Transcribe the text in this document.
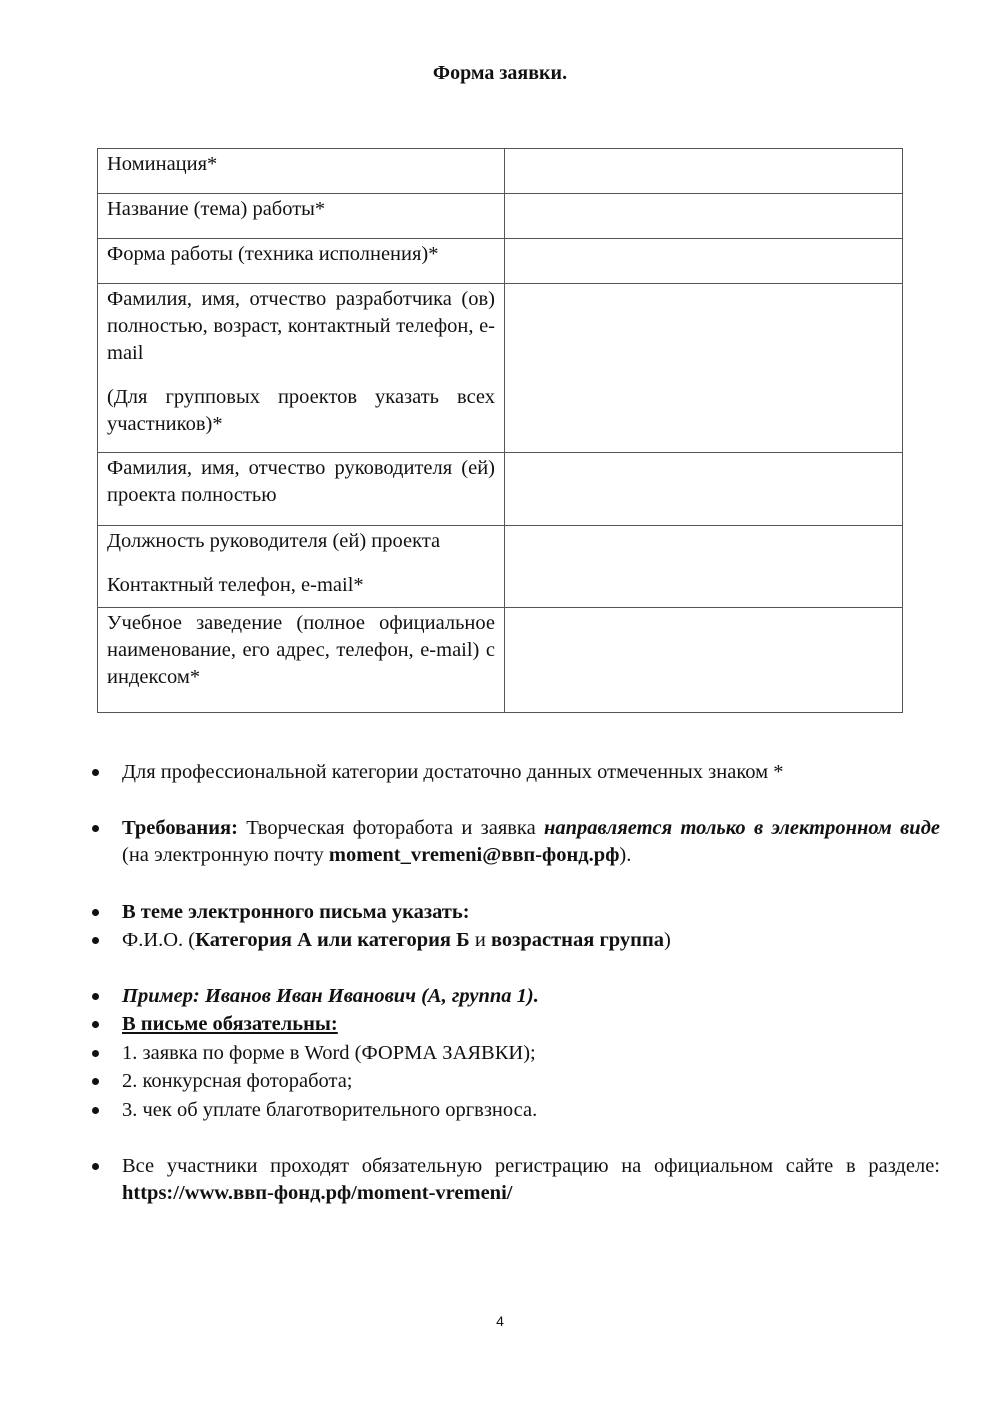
Форма заявки.
Номинация*	

Название (тема) работы*	

Форма работы (техника исполнения)*	

Фамилия, имя, отчество разработчика (ов) полностью, возраст, контактный телефон, e-mail
(Для групповых проектов указать всех участников)*	

Фамилия, имя, отчество руководителя (ей) проекта полностью	

Должность руководителя (ей) проекта
Контактный телефон, e-mail*	

Учебное заведение (полное официальное наименование, его адрес, телефон, e-mail) с индексом*	

Для профессиональной категории достаточно данных отмеченных знаком *
Требования: Творческая фоторабота и заявка направляется только в электронном виде (на электронную почту moment_vremeni@ввп-фонд.рф).
В теме электронного письма указать:
Ф.И.О. (Категория А или категория Б и возрастная группа)
Пример: Иванов Иван Иванович (А, группа 1).
В письме обязательны:
1. заявка по форме в Word (ФОРМА ЗАЯВКИ);
2. конкурсная фоторабота;
3. чек об уплате благотворительного оргвзноса.
Все участники проходят обязательную регистрацию на официальном сайте в разделе: https://www.ввп-фонд.рф/moment-vremeni/
4
